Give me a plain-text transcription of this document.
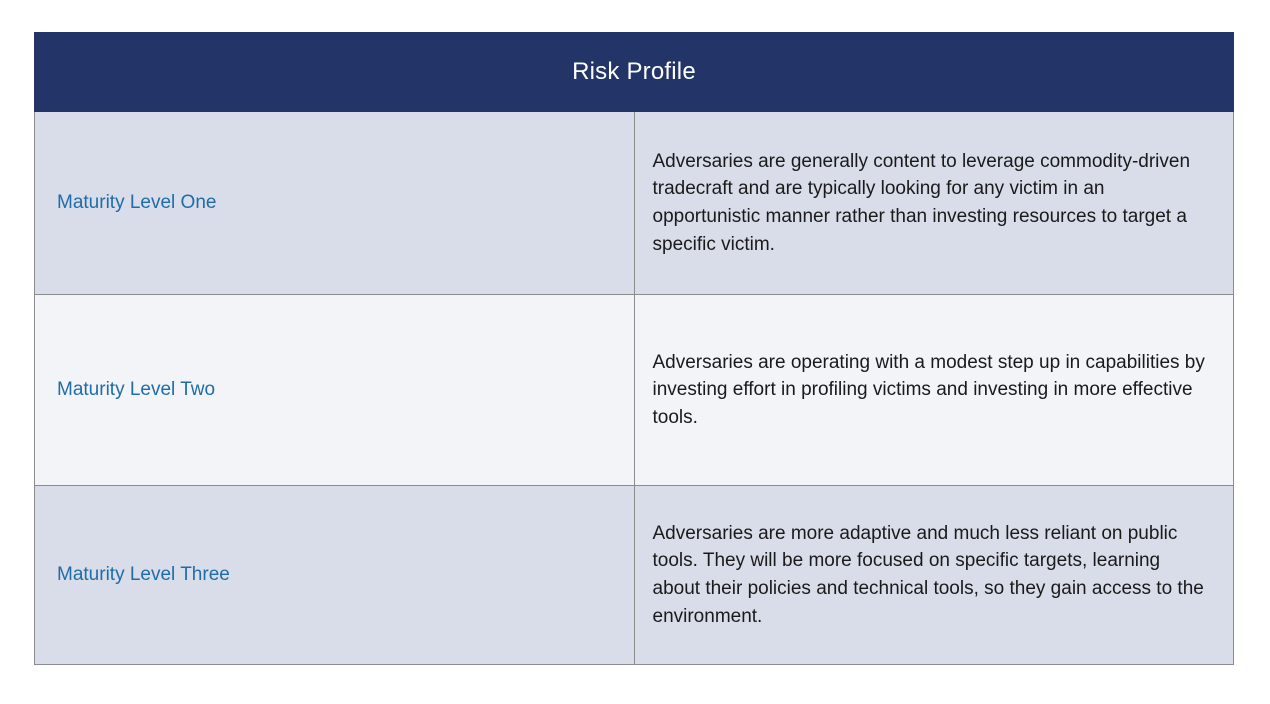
Risk Profile	
Maturity Level One	Adversaries are generally content to leverage commodity-driven tradecraft and are typically looking for any victim in an opportunistic manner rather than investing resources to target a specific victim.

Maturity Level Two	Adversaries are operating with a modest step up in capabilities by investing effort in profiling victims and investing in more effective tools.

Maturity Level Three	Adversaries are more adaptive and much less reliant on public tools. They will be more focused on specific targets, learning about their policies and technical tools, so they gain access to the environment.
